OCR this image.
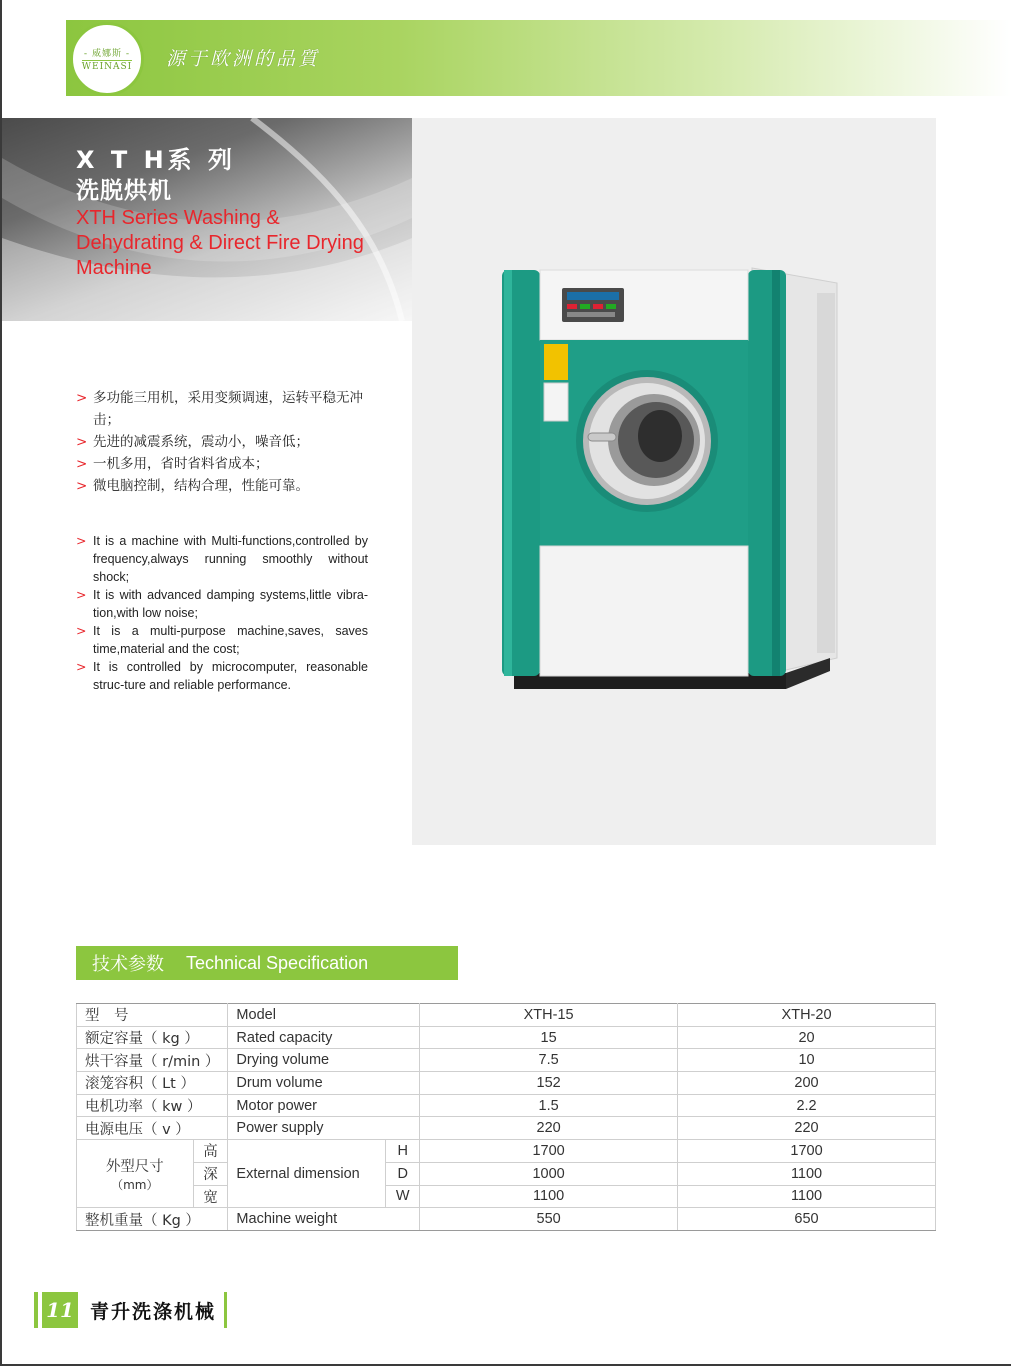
- 威娜斯 -
WEINASI 源于欧洲的品質
X T H系 列
洗脱烘机
XTH Series Washing & Dehydrating & Direct Fire Drying Machine
> 多功能三用机，采用变频调速，运转平稳无冲击；
> 先进的减震系统，震动小，噪音低；
> 一机多用，省时省料省成本；
> 微电脑控制，结构合理，性能可靠。
> It is a machine with Multi-functions,controlled by frequency,always running smoothly without shock;
> It is with advanced damping systems,little vibra-tion,with low noise;
> It is a multi-purpose machine,saves, saves time,material and the cost;
> It is controlled by microcomputer, reasonable struc-ture and reliable performance.
技术参数 Technical Specification
型　号		Model		XTH-15	XTH-20
额定容量（ kg ）		Rated capacity		15	20
烘干容量（ r/min ）		Drying volume		7.5	10
滚笼容积（ Lt ）		Drum volume		152	200
电机功率（ kw ）		Motor power		1.5	2.2
电源电压（ v ）		Power supply		220	220

外型尺寸
（mm）	高	External dimension	H	1700	1700
	深		D	1000	1100
	宽		W	1100	1100
整机重量（ Kg ）		Machine weight		550	650
11 青升洗涤机械
